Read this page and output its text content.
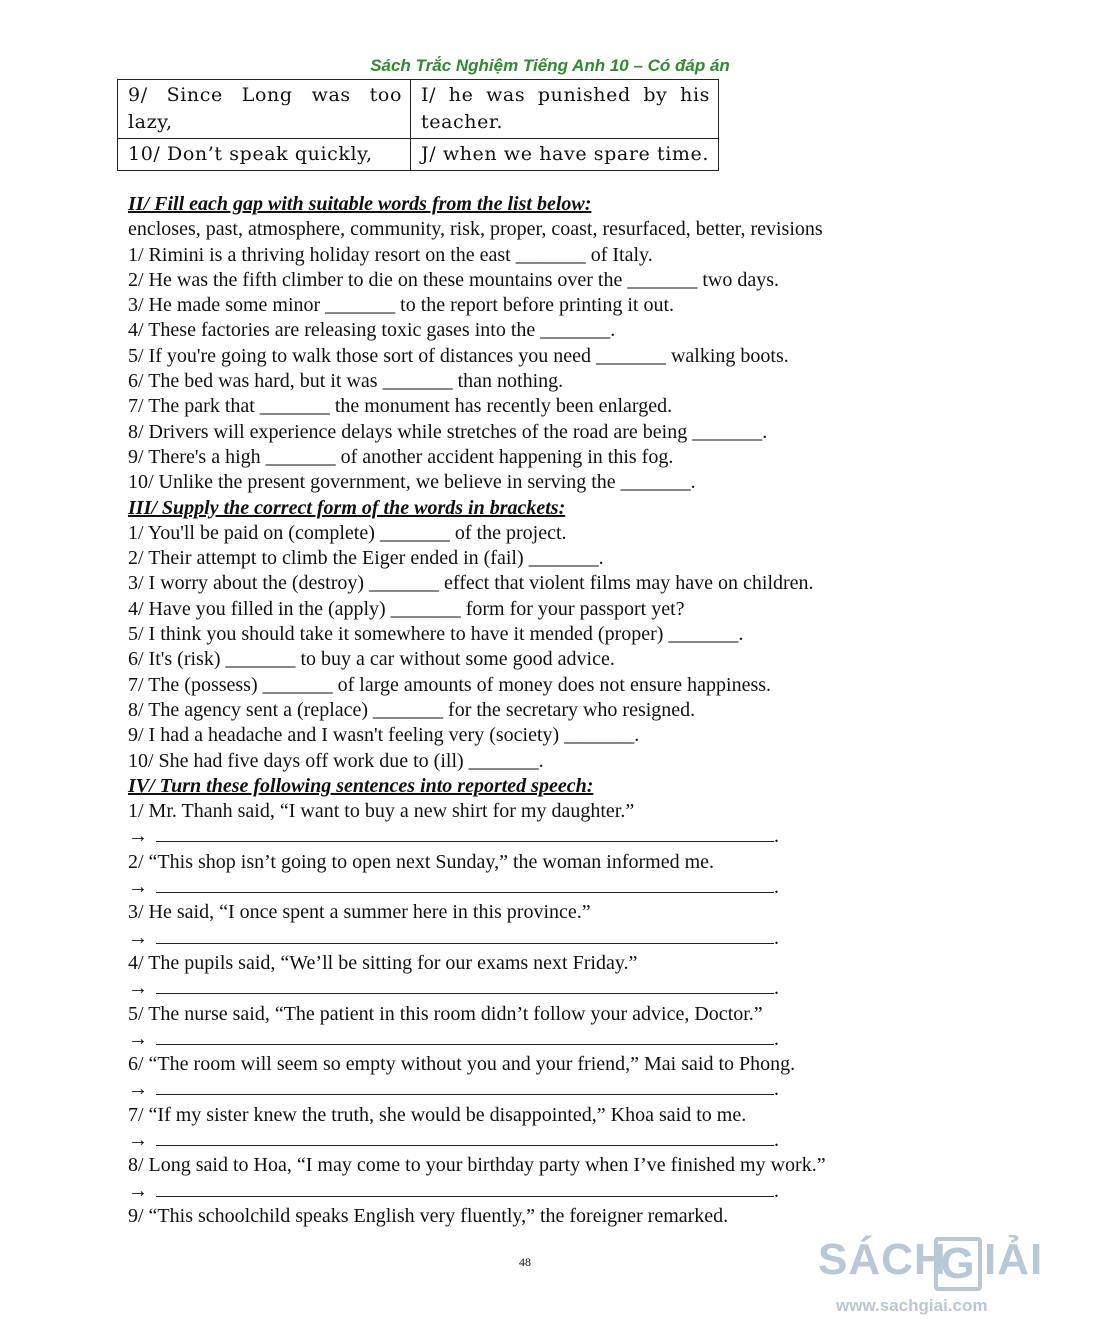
Sách Trắc Nghiệm Tiếng Anh 10 – Có đáp án
9/ Since Long was too lazy,	I/ he was punished by his teacher.
10/ Don’t speak quickly,	J/ when we have spare time.
II/ Fill each gap with suitable words from the list below:
encloses, past, atmosphere, community, risk, proper, coast, resurfaced, better, revisions
1/ Rimini is a thriving holiday resort on the east _______ of Italy.
2/ He was the fifth climber to die on these mountains over the _______ two days.
3/ He made some minor _______ to the report before printing it out.
4/ These factories are releasing toxic gases into the _______.
5/ If you're going to walk those sort of distances you need _______ walking boots.
6/ The bed was hard, but it was _______ than nothing.
7/ The park that _______ the monument has recently been enlarged.
8/ Drivers will experience delays while stretches of the road are being _______.
9/ There's a high _______ of another accident happening in this fog.
10/ Unlike the present government, we believe in serving the _______.
III/ Supply the correct form of the words in brackets:
1/ You'll be paid on (complete) _______ of the project.
2/ Their attempt to climb the Eiger ended in (fail) _______.
3/ I worry about the (destroy) _______ effect that violent films may have on children.
4/ Have you filled in the (apply) _______ form for your passport yet?
5/ I think you should take it somewhere to have it mended (proper) _______.
6/ It's (risk) _______ to buy a car without some good advice.
7/ The (possess) _______ of large amounts of money does not ensure happiness.
8/ The agency sent a (replace) _______ for the secretary who resigned.
9/ I had a headache and I wasn't feeling very (society) _______.
10/ She had five days off work due to (ill) _______.
IV/ Turn these following sentences into reported speech:
1/ Mr. Thanh said, “I want to buy a new shirt for my daughter.”
→	.
2/ “This shop isn’t going to open next Sunday,” the woman informed me.
→	.
3/ He said, “I once spent a summer here in this province.”
→	.
4/ The pupils said, “We’ll be sitting for our exams next Friday.”
→	.
5/ The nurse said, “The patient in this room didn’t follow your advice, Doctor.”
→	.
6/ “The room will seem so empty without you and your friend,” Mai said to Phong.
→	.
7/ “If my sister knew the truth, she would be disappointed,” Khoa said to me.
→	.
8/ Long said to Hoa, “I may come to your birthday party when I’ve finished my work.”
→	.
9/ “This schoolchild speaks English very fluently,” the foreigner remarked.
48	SÁCH
G IẢI
www.sachgiai.com
